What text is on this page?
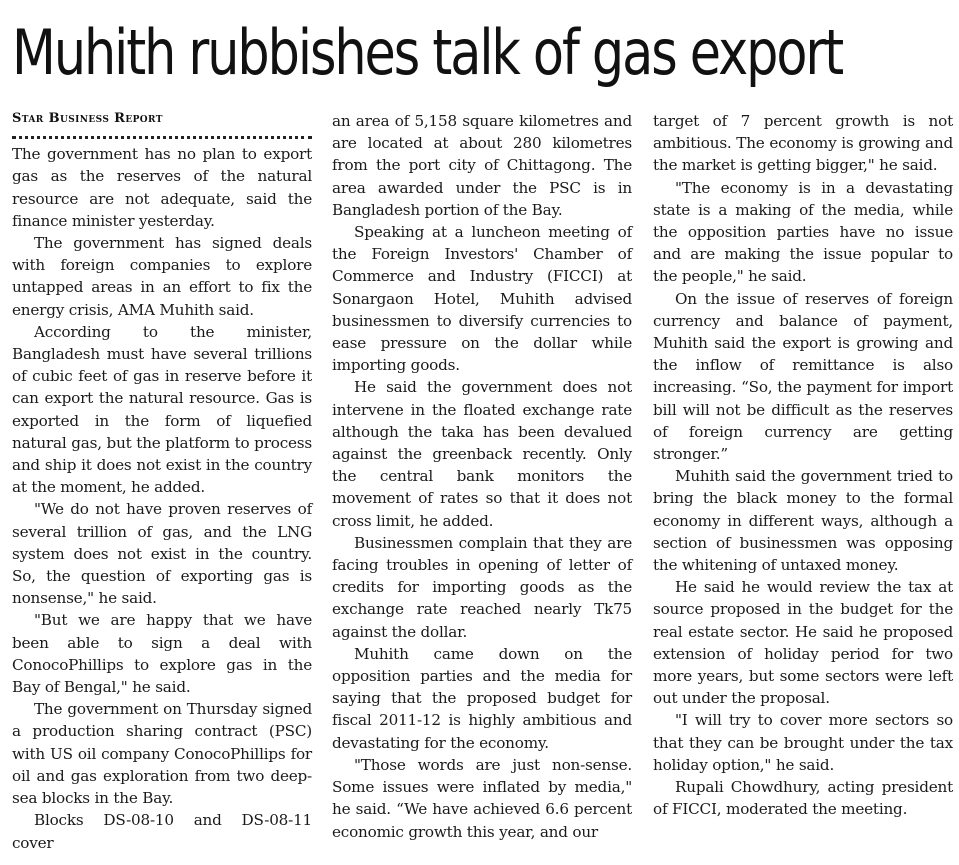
Muhith rubbishes talk of gas export
Star Business Report

The government has no plan to export gas as the reserves of the natural resource are not adequate, said the finance minister yesterday.

The government has signed deals with foreign companies to explore untapped areas in an effort to fix the energy crisis, AMA Muhith said.

According to the minister, Bangladesh must have several trillions of cubic feet of gas in reserve before it can export the natural resource. Gas is exported in the form of liquefied natural gas, but the platform to process and ship it does not exist in the country at the moment, he added.

"We do not have proven reserves of several trillion of gas, and the LNG system does not exist in the country. So, the question of exporting gas is nonsense," he said.

"But we are happy that we have been able to sign a deal with ConocoPhillips to explore gas in the Bay of Bengal," he said.

The government on Thursday signed a production sharing contract (PSC) with US oil company ConocoPhillips for oil and gas exploration from two deep-sea blocks in the Bay.

Blocks DS-08-10 and DS-08-11 cover

an area of 5,158 square kilometres and are located at about 280 kilometres from the port city of Chittagong. The area awarded under the PSC is in Bangladesh portion of the Bay.

Speaking at a luncheon meeting of the Foreign Investors' Chamber of Commerce and Industry (FICCI) at Sonargaon Hotel, Muhith advised businessmen to diversify currencies to ease pressure on the dollar while importing goods.

He said the government does not intervene in the floated exchange rate although the taka has been devalued against the greenback recently. Only the central bank monitors the movement of rates so that it does not cross limit, he added.

Businessmen complain that they are facing troubles in opening of letter of credits for importing goods as the exchange rate reached nearly Tk75 against the dollar.

Muhith came down on the opposition parties and the media for saying that the proposed budget for fiscal 2011-12 is highly ambitious and devastating for the economy.

"Those words are just non-sense. Some issues were inflated by media," he said. “We have achieved 6.6 percent economic growth this year, and our

target of 7 percent growth is not ambitious. The economy is growing and the market is getting bigger," he said.

"The economy is in a devastating state is a making of the media, while the opposition parties have no issue and are making the issue popular to the people," he said.

On the issue of reserves of foreign currency and balance of payment, Muhith said the export is growing and the inflow of remittance is also increasing. “So, the payment for import bill will not be difficult as the reserves of foreign currency are getting stronger.”

Muhith said the government tried to bring the black money to the formal economy in different ways, although a section of businessmen was opposing the whitening of untaxed money.

He said he would review the tax at source proposed in the budget for the real estate sector. He said he proposed extension of holiday period for two more years, but some sectors were left out under the proposal.

"I will try to cover more sectors so that they can be brought under the tax holiday option," he said.

Rupali Chowdhury, acting president of FICCI, moderated the meeting.
